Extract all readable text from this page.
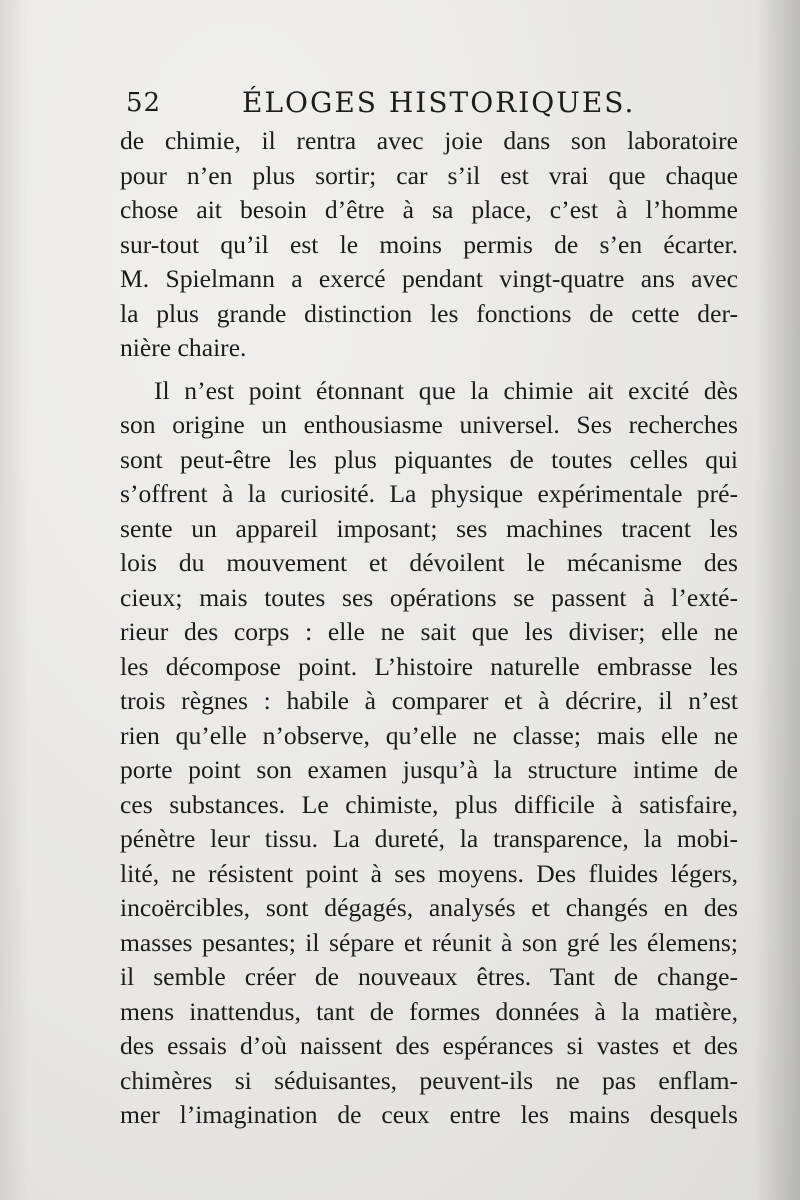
52	ÉLOGES HISTORIQUES.
de chimie, il rentra avec joie dans son laboratoire
pour n’en plus sortir; car s’il est vrai que chaque
chose ait besoin d’être à sa place, c’est à l’homme
sur-tout qu’il est le moins permis de s’en écarter.
M. Spielmann a exercé pendant vingt-quatre ans avec
la plus grande distinction les fonctions de cette der-
nière chaire.
Il n’est point étonnant que la chimie ait excité dès
son origine un enthousiasme universel. Ses recherches
sont peut-être les plus piquantes de toutes celles qui
s’offrent à la curiosité. La physique expérimentale pré-
sente un appareil imposant; ses machines tracent les
lois du mouvement et dévoilent le mécanisme des
cieux; mais toutes ses opérations se passent à l’exté-
rieur des corps : elle ne sait que les diviser; elle ne
les décompose point. L’histoire naturelle embrasse les
trois règnes : habile à comparer et à décrire, il n’est
rien qu’elle n’observe, qu’elle ne classe; mais elle ne
porte point son examen jusqu’à la structure intime de
ces substances. Le chimiste, plus difficile à satisfaire,
pénètre leur tissu. La dureté, la transparence, la mobi-
lité, ne résistent point à ses moyens. Des fluides légers,
incoërcibles, sont dégagés, analysés et changés en des
masses pesantes; il sépare et réunit à son gré les élemens;
il semble créer de nouveaux êtres. Tant de change-
mens inattendus, tant de formes données à la matière,
des essais d’où naissent des espérances si vastes et des
chimères si séduisantes, peuvent-ils ne pas enflam-
mer l’imagination de ceux entre les mains desquels
